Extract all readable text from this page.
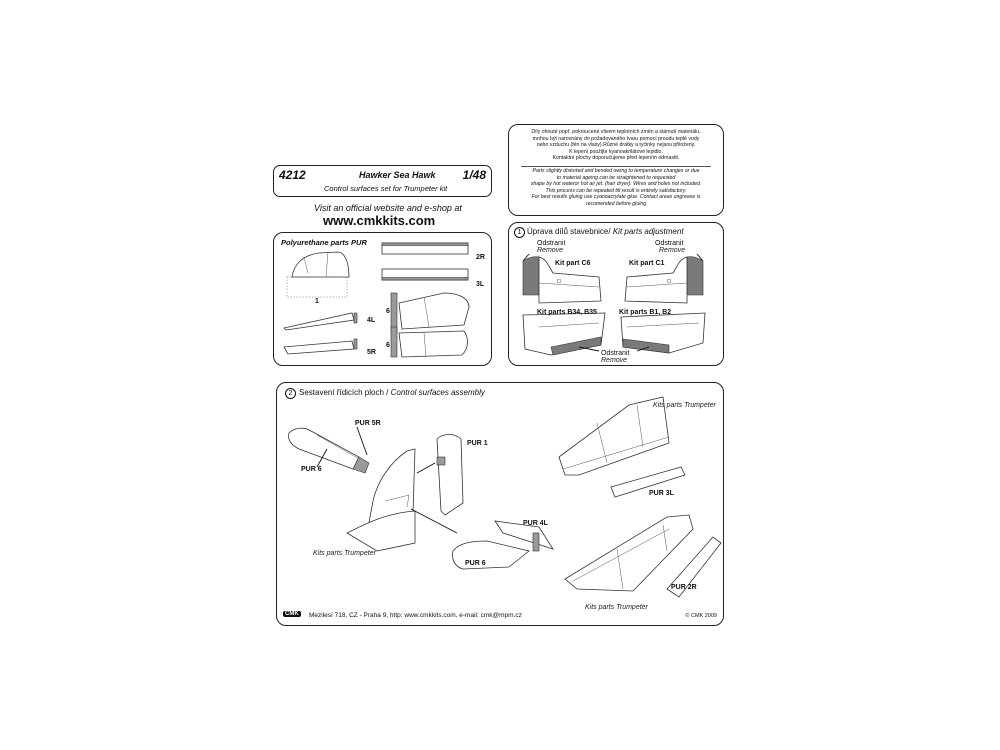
4212	Hawker Sea Hawk 1/48
Control surfaces set for Trumpeter kit
Visit an official website and e-shop at
www.cmkkits.com
Díly ohnuté popř. pokroucené vlivem teplotních změn a stámutí materiálu,
mohou být narovnány do požadovaného tvaru pomocí proudu teplé vody
nebo vzduchu (fén na vlasy).Různé drátky a tyčinky nejsou přiloženy.
K lepení použijte kyanoakrilátové lepidlo.
Kontaktní plochy doporučujeme před lepením odmastit.
Parts slightly distorted and bended owing to temperature changes or due
to material ageing can be straightened to requested
shape by hot wateror hot air jet. (hair dryer). Wires and holes not included.
This process can be repeated till result is entirely satisfactory.
For best results gluing use cyanoacrylate glue. Contact areas ungrease is
recomended before gluing
Polyurethane parts PUR
1
2R
3L
4L
5R
6
6
1 Úprava dílů stavebnice/ Kit parts adjustment
Odstranit
Remove
Odstranit
Remove
Kit part C6	Kit part C1
Kit parts B34, B35	Kit parts B1, B2
Odstranit
Remove
2 Sestavení řídicích ploch / Control surfaces assembly
PUR 5R
PUR 6
Kits parts Trumpeter
PUR 1
PUR 4L
PUR 6
Kits parts Trumpeter
PUR 3L
PUR 2R
Kits parts Trumpeter
CMK	Mezilesí 718, CZ - Praha 9, http: www.cmkkits.com, e-mail: cmk@mpm.cz	© CMK 2009
